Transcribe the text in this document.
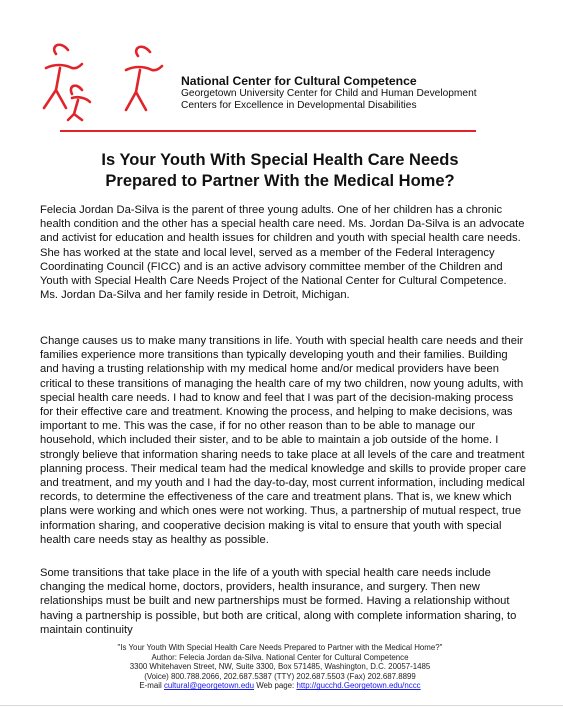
National Center for Cultural Competence
Georgetown University Center for Child and Human Development
Centers for Excellence in Developmental Disabilities
Is Your Youth With Special Health Care Needs
Prepared to Partner With the Medical Home?

Felecia Jordan Da-Silva is the parent of three young adults. One of her children has a chronic health condition and the other has a special health care need. Ms. Jordan Da-Silva is an advocate and activist for education and health issues for children and youth with special health care needs. She has worked at the state and local level, served as a member of the Federal Interagency Coordinating Council (FICC) and is an active advisory committee member of the Children and Youth with Special Health Care Needs Project of the National Center for Cultural Competence. Ms. Jordan Da-Silva and her family reside in Detroit, Michigan.

Change causes us to make many transitions in life. Youth with special health care needs and their families experience more transitions than typically developing youth and their families. Building and having a trusting relationship with my medical home and/or medical providers have been critical to these transitions of managing the health care of my two children, now young adults, with special health care needs. I had to know and feel that I was part of the decision-making process for their effective care and treatment. Knowing the process, and helping to make decisions, was important to me. This was the case, if for no other reason than to be able to manage our household, which included their sister, and to be able to maintain a job outside of the home. I strongly believe that information sharing needs to take place at all levels of the care and treatment planning process. Their medical team had the medical knowledge and skills to provide proper care and treatment, and my youth and I had the day-to-day, most current information, including medical records, to determine the effectiveness of the care and treatment plans. That is, we knew which plans were working and which ones were not working. Thus, a partnership of mutual respect, true information sharing, and cooperative decision making is vital to ensure that youth with special health care needs stay as healthy as possible.

Some transitions that take place in the life of a youth with special health care needs include changing the medical home, doctors, providers, health insurance, and surgery. Then new relationships must be built and new partnerships must be formed. Having a relationship without having a partnership is possible, but both are critical, along with complete information sharing, to maintain continuity

"Is Your Youth With Special Health Care Needs Prepared to Partner with the Medical Home?"
Author: Felecia Jordan da-Silva. National Center for Cultural Competence
3300 Whitehaven Street, NW, Suite 3300, Box 571485, Washington, D.C. 20057-1485
(Voice) 800.788.2066, 202.687.5387 (TTY) 202.687.5503 (Fax) 202.687.8899
E-mail cultural@georgetown.edu Web page: http://gucchd.Georgetown.edu/nccc
